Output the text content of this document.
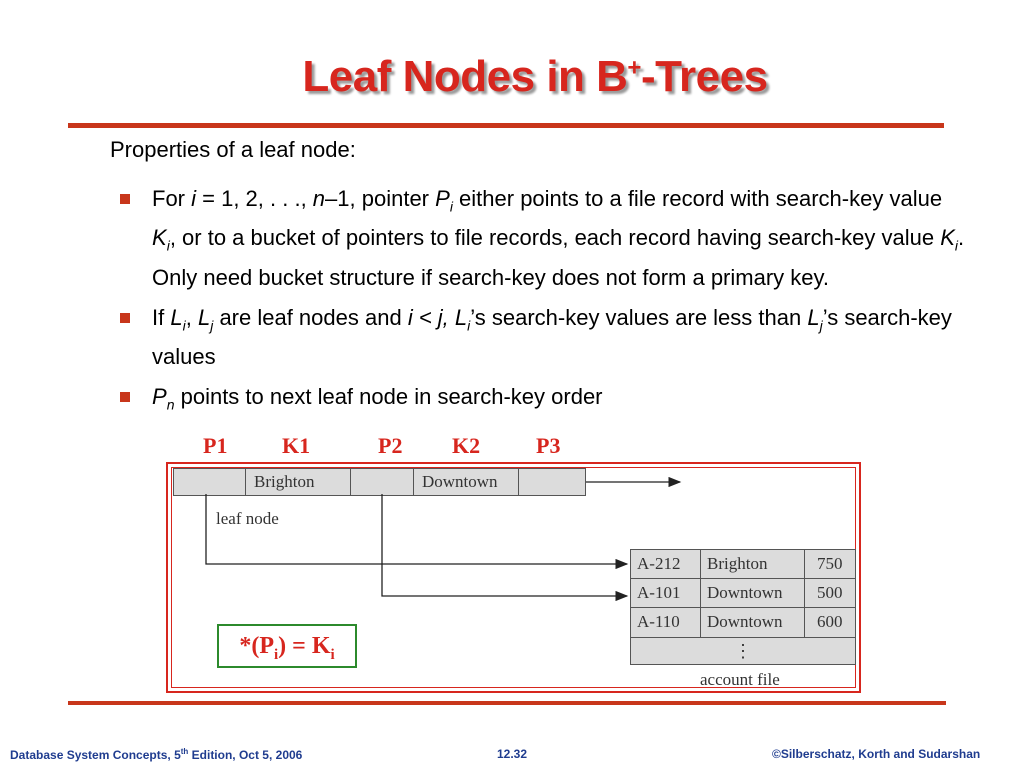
Leaf Nodes in B+-Trees
Properties of a leaf node:
For i = 1, 2, . . ., n–1, pointer $P_i$ either points to a file record with search-key value $K_i$, or to a bucket of pointers to file records, each record having search-key value $K_i$. Only need bucket structure if search-key does not form a primary key.
If $L_i$, $L_j$ are leaf nodes and i < j, $L_i’s$ search-key values are less than $L_j’s$ search-key values
$P_n$ points to next leaf node in search-key order
P1 K1	P2 K2	P3
Brighton	Downtown
leaf node
A-212	Brighton	750
A-101	Downtown	500
A-110	Downtown	600
⋮
account file
$*(P_i) = K_i$
Database System Concepts, 5th Edition, Oct 5, 2006	12.32	©Silberschatz, Korth and Sudarshan
